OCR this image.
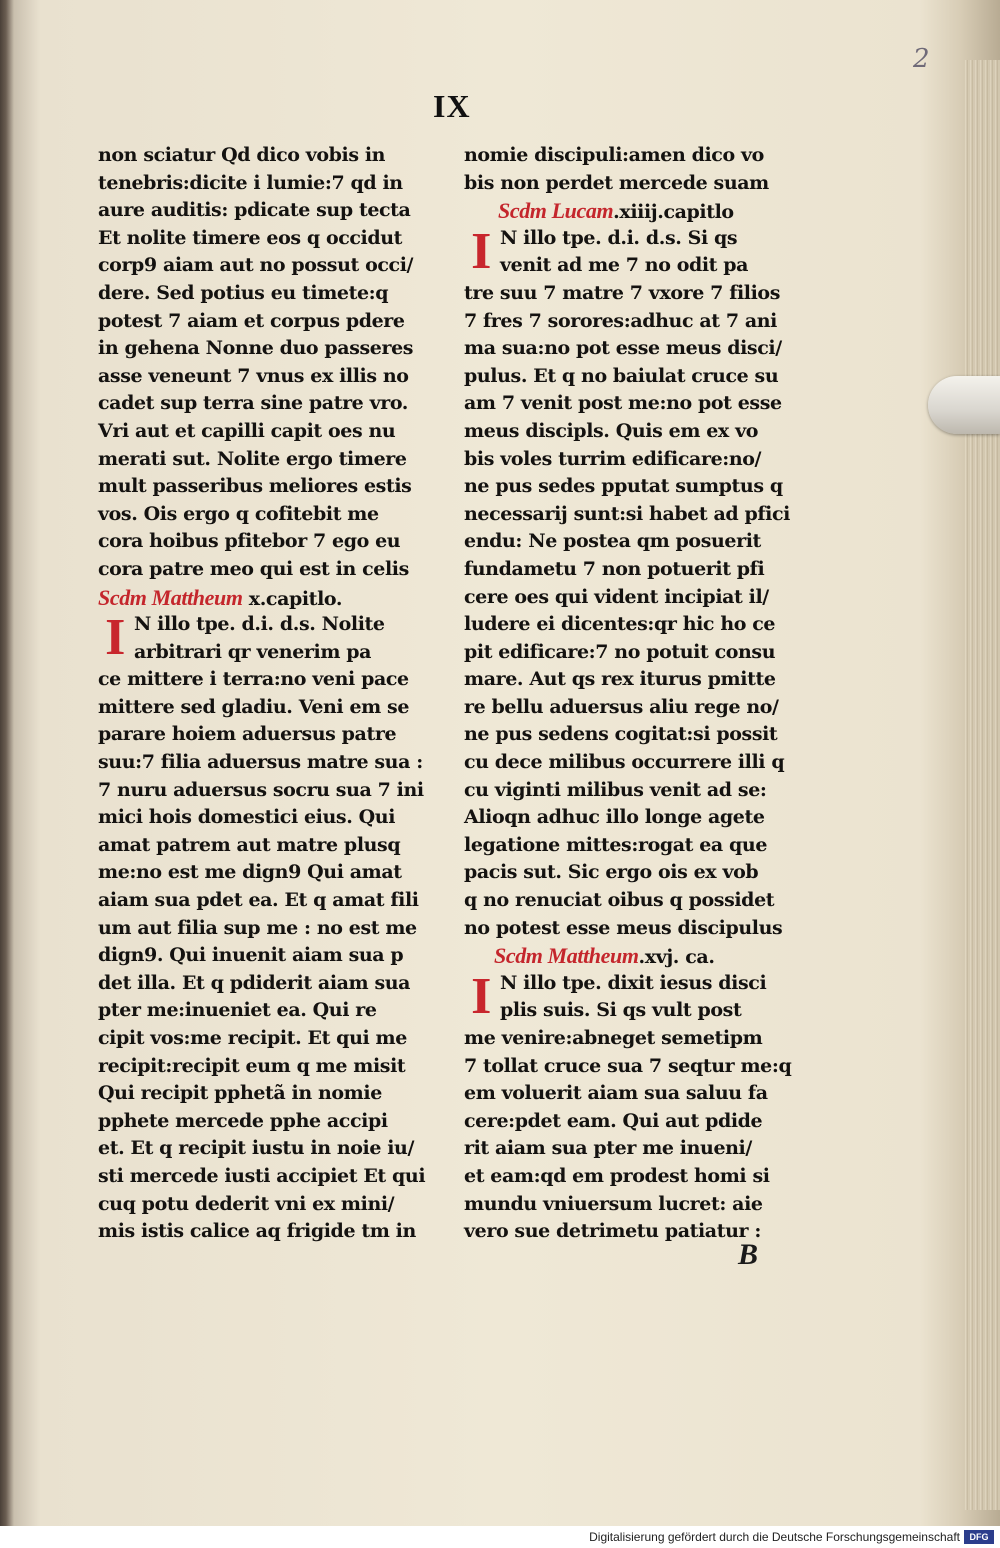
2
IX
non sciatur Qd dico vobis in
tenebris:dicite i lumie:7 qd in
aure auditis: pdicate sup tecta
Et nolite timere eos q occidut
corp9 aiam aut no possut occi/
dere. Sed potius eu timete:q
potest 7 aiam et corpus pdere
in gehena Nonne duo passeres
asse veneunt 7 vnus ex illis no
cadet sup terra sine patre vro.
Vri aut et capilli capit oes nu
merati sut. Nolite ergo timere
mult passeribus meliores estis
vos. Ois ergo q cofitebit me
cora hoibus pfitebor 7 ego eu
cora patre meo qui est in celis
Scdm Mattheum x.capitlo.
I N illo tpe. d.i. d.s. Nolite
arbitrari qr venerim pa
ce mittere i terra:no veni pace
mittere sed gladiu. Veni em se
parare hoiem aduersus patre
suu:7 filia aduersus matre sua :
7 nuru aduersus socru sua 7 ini
mici hois domestici eius. Qui
amat patrem aut matre plusq
me:no est me dign9 Qui amat
aiam sua pdet ea. Et q amat fili
um aut filia sup me : no est me
dign9. Qui inuenit aiam sua p
det illa. Et q pdiderit aiam sua
pter me:inueniet ea. Qui re
cipit vos:me recipit. Et qui me
recipit:recipit eum q me misit
Qui recipit pphetã in nomie
pphete mercede pphe accipi
et. Et q recipit iustu in noie iu/
sti mercede iusti accipiet Et qui
cuq potu dederit vni ex mini/
mis istis calice aq frigide tm in
nomie discipuli:amen dico vo
bis non perdet mercede suam
Scdm Lucam.xiiij.capitlo
I N illo tpe. d.i. d.s. Si qs
venit ad me 7 no odit pa
tre suu 7 matre 7 vxore 7 filios
7 fres 7 sorores:adhuc at 7 ani
ma sua:no pot esse meus disci/
pulus. Et q no baiulat cruce su
am 7 venit post me:no pot esse
meus discipls. Quis em ex vo
bis voles turrim edificare:no/
ne pus sedes pputat sumptus q
necessarij sunt:si habet ad pfici
endu: Ne postea qm posuerit
fundametu 7 non potuerit pfi
cere oes qui vident incipiat il/
ludere ei dicentes:qr hic ho ce
pit edificare:7 no potuit consu
mare. Aut qs rex iturus pmitte
re bellu aduersus aliu rege no/
ne pus sedens cogitat:si possit
cu dece milibus occurrere illi q
cu viginti milibus venit ad se:
Alioqn adhuc illo longe agete
legatione mittes:rogat ea que
pacis sut. Sic ergo ois ex vob
q no renuciat oibus q possidet
no potest esse meus discipulus
Scdm Mattheum.xvj. ca.
I N illo tpe. dixit iesus disci
plis suis. Si qs vult post
me venire:abneget semetipm
7 tollat cruce sua 7 seqtur me:q
em voluerit aiam sua saluu fa
cere:pdet eam. Qui aut pdide
rit aiam sua pter me inueni/
et eam:qd em prodest homi si
mundu vniuersum lucret: aie
vero sue detrimetu patiatur :
B
Digitalisierung gefördert durch die Deutsche Forschungsgemeinschaft	DFG
